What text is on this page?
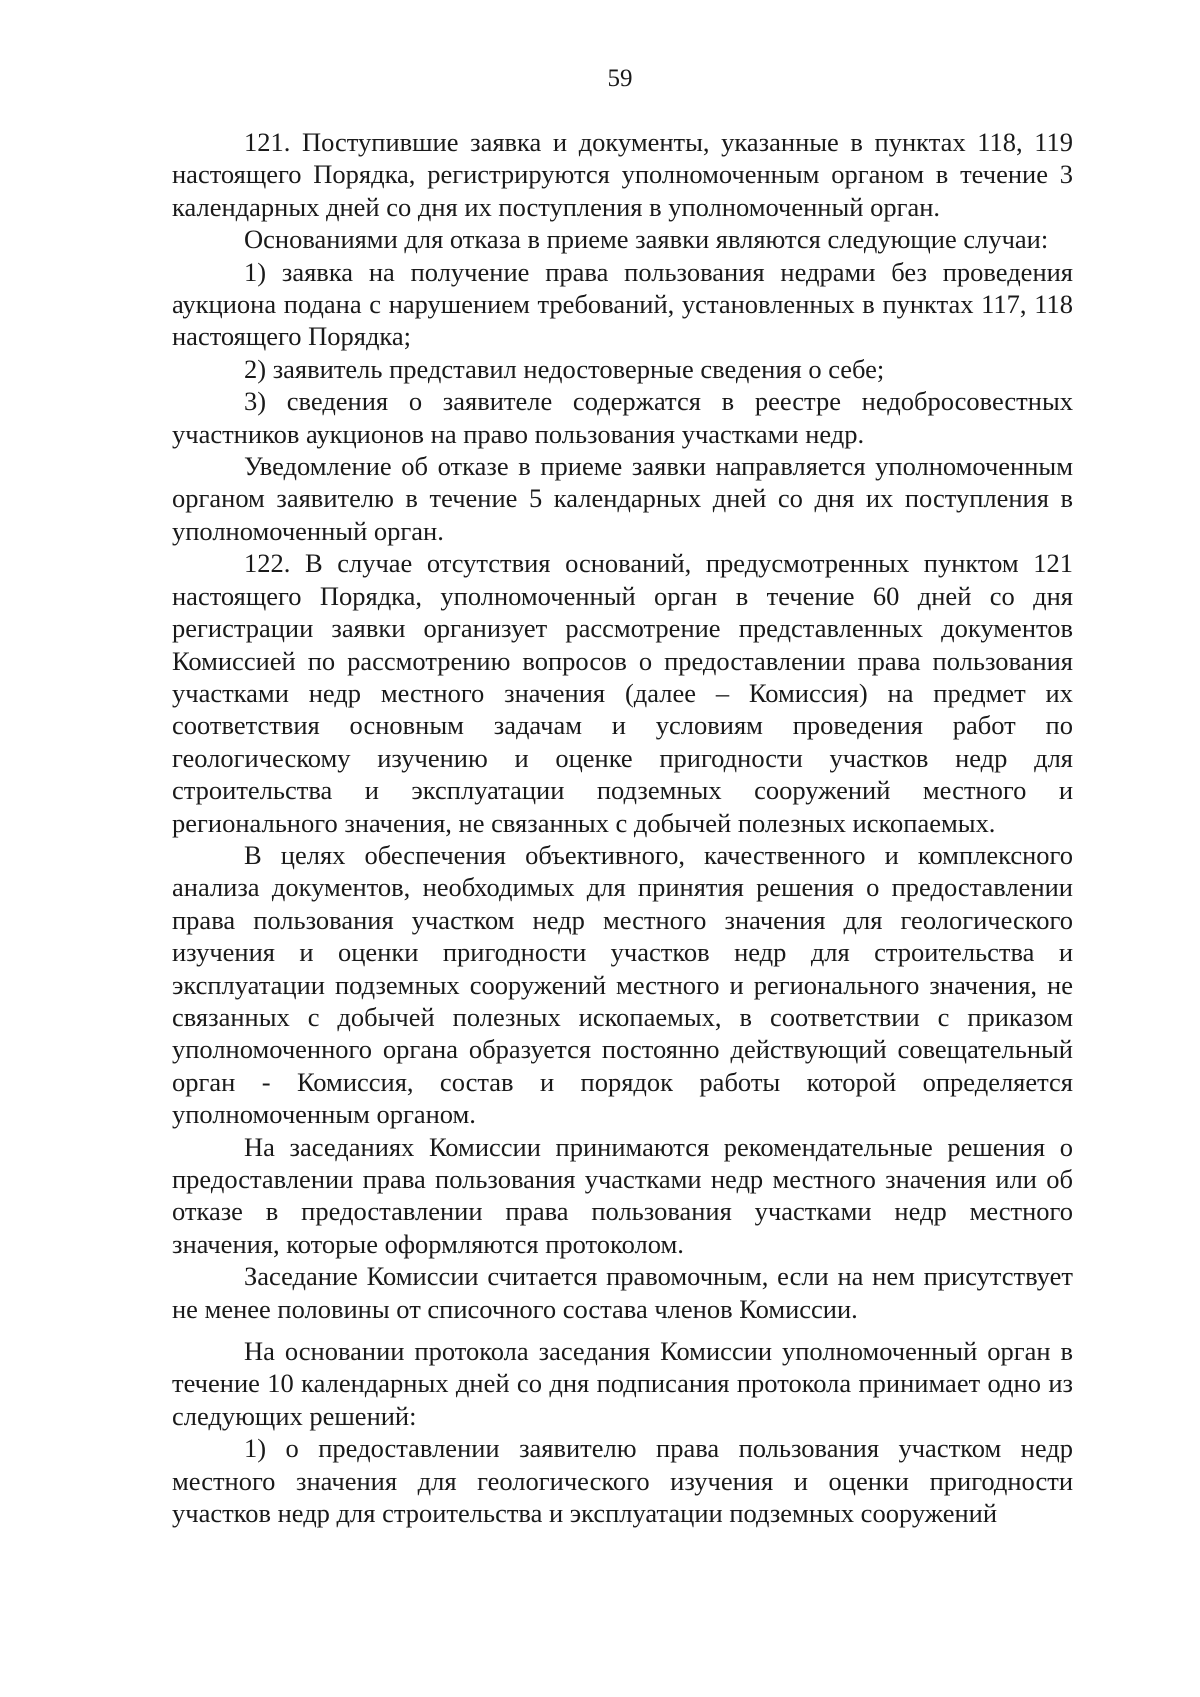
59

121. Поступившие заявка и документы, указанные в пунктах 118, 119 настоящего Порядка, регистрируются уполномоченным органом в течение 3 календарных дней со дня их поступления в уполномоченный орган.

Основаниями для отказа в приеме заявки являются следующие случаи:

1) заявка на получение права пользования недрами без проведения аукциона подана с нарушением требований, установленных в пунктах 117, 118 настоящего Порядка;

2) заявитель представил недостоверные сведения о себе;

3) сведения о заявителе содержатся в реестре недобросовестных участников аукционов на право пользования участками недр.

Уведомление об отказе в приеме заявки направляется уполномоченным органом заявителю в течение 5 календарных дней со дня их поступления в уполномоченный орган.

122. В случае отсутствия оснований, предусмотренных пунктом 121 настоящего Порядка, уполномоченный орган в течение 60 дней со дня регистрации заявки организует рассмотрение представленных документов Комиссией по рассмотрению вопросов о предоставлении права пользования участками недр местного значения (далее – Комиссия) на предмет их соответствия основным задачам и условиям проведения работ по геологическому изучению и оценке пригодности участков недр для строительства и эксплуатации подземных сооружений местного и регионального значения, не связанных с добычей полезных ископаемых.

В целях обеспечения объективного, качественного и комплексного анализа документов, необходимых для принятия решения о предоставлении права пользования участком недр местного значения для геологического изучения и оценки пригодности участков недр для строительства и эксплуатации подземных сооружений местного и регионального значения, не связанных с добычей полезных ископаемых, в соответствии с приказом уполномоченного органа образуется постоянно действующий совещательный орган - Комиссия, состав и порядок работы которой определяется уполномоченным органом.

На заседаниях Комиссии принимаются рекомендательные решения о предоставлении права пользования участками недр местного значения или об отказе в предоставлении права пользования участками недр местного значения, которые оформляются протоколом.

Заседание Комиссии считается правомочным, если на нем присутствует не менее половины от списочного состава членов Комиссии.

На основании протокола заседания Комиссии уполномоченный орган в течение 10 календарных дней со дня подписания протокола принимает одно из следующих решений:

1) о предоставлении заявителю права пользования участком недр местного значения для геологического изучения и оценки пригодности участков недр для строительства и эксплуатации подземных сооружений
